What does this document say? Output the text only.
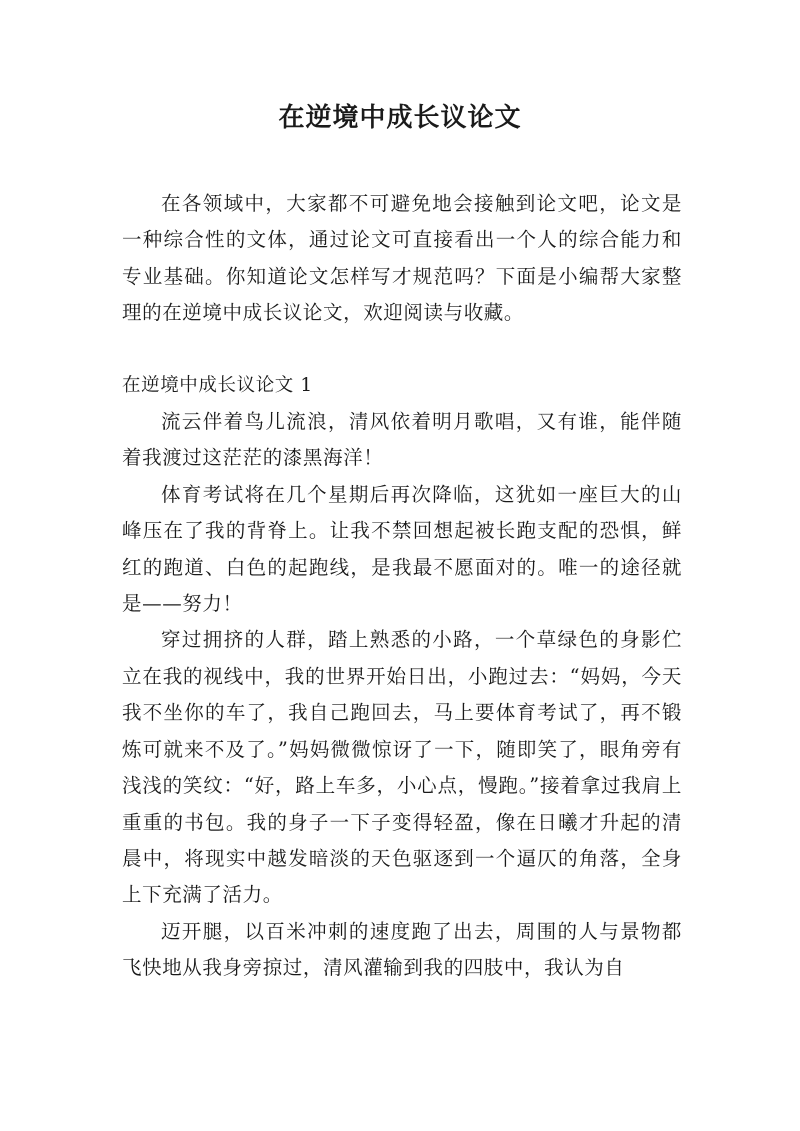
在逆境中成长议论文

在各领域中，大家都不可避免地会接触到论文吧，论文是一种综合性的文体，通过论文可直接看出一个人的综合能力和专业基础。你知道论文怎样写才规范吗？下面是小编帮大家整理的在逆境中成长议论文，欢迎阅读与收藏。

在逆境中成长议论文 1

流云伴着鸟儿流浪，清风依着明月歌唱，又有谁，能伴随着我渡过这茫茫的漆黑海洋！

体育考试将在几个星期后再次降临，这犹如一座巨大的山峰压在了我的背脊上。让我不禁回想起被长跑支配的恐惧，鲜红的跑道、白色的起跑线，是我最不愿面对的。唯一的途径就是——努力！

穿过拥挤的人群，踏上熟悉的小路，一个草绿色的身影伫立在我的视线中，我的世界开始日出，小跑过去：“妈妈，今天我不坐你的车了，我自己跑回去，马上要体育考试了，再不锻炼可就来不及了。”妈妈微微惊讶了一下，随即笑了，眼角旁有浅浅的笑纹：“好，路上车多，小心点，慢跑。”接着拿过我肩上重重的书包。我的身子一下子变得轻盈，像在日曦才升起的清晨中，将现实中越发暗淡的天色驱逐到一个逼仄的角落，全身上下充满了活力。

迈开腿，以百米冲刺的速度跑了出去，周围的人与景物都飞快地从我身旁掠过，清风灌输到我的四肢中，我认为自
